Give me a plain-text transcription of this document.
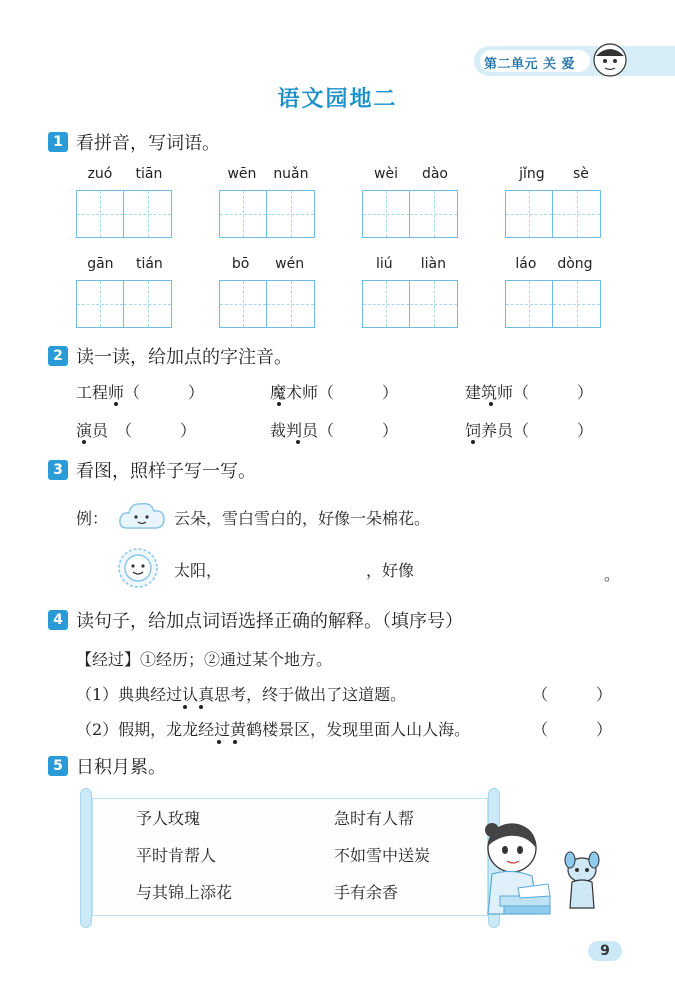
第二单元 关 爱
语文园地二
1 看拼音，写词语。
zuó tiān	wēn nuǎn	wèi dào	jǐng sè
gān tián	bō wén	liú liàn	láo dòng
2 读一读，给加点的字注音。
工程师（　　　）	魔术师（　　　）	建筑师（　　　）
演员　（　　　）	裁判员（　　　）	饲养员（　　　）
3 看图，照样子写一写。
例：	云朵，雪白雪白的，好像一朵棉花。
太阳，	，好像	。
4 读句子，给加点词语选择正确的解释。（填序号）
【经过】①经历；②通过某个地方。
（1）典典经过认真思考，终于做出了这道题。	（　　　）
（2）假期，龙龙经过黄鹤楼景区，发现里面人山人海。	（　　　）
5 日积月累。
予人玫瑰	急时有人帮
平时肯帮人	不如雪中送炭
与其锦上添花	手有余香
9
